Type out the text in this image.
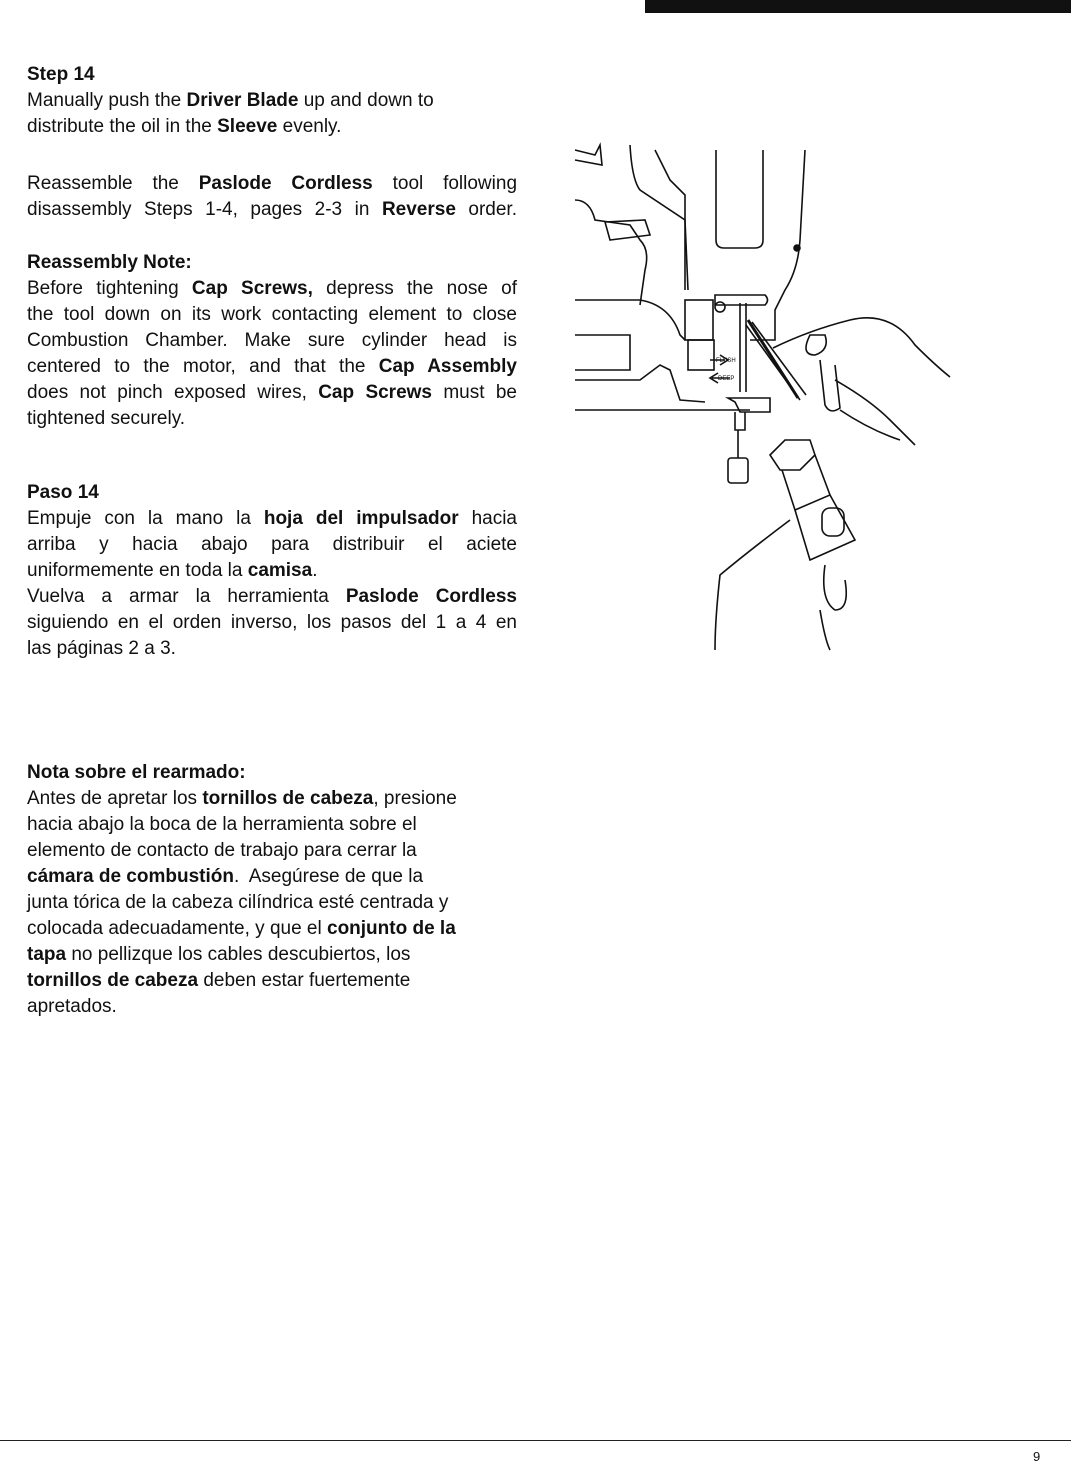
Step 14
Manually push the Driver Blade up and down to
distribute the oil in the Sleeve evenly.
Reassemble the Paslode Cordless tool following
disassembly Steps 1-4, pages 2-3 in Reverse order.
Reassembly Note:
Before tightening Cap Screws, depress the nose of
the tool down on its work contacting element to close
Combustion Chamber. Make sure cylinder head is
centered to the motor, and that the Cap Assembly
does not pinch exposed wires, Cap Screws must be
tightened securely.
Paso 14
Empuje con la mano la hoja del impulsador hacia
arriba y hacia abajo para distribuir el aciete
uniformemente en toda la camisa.
Vuelva a armar la herramienta Paslode Cordless
siguiendo en el orden inverso, los pasos del 1 a 4 en
las páginas 2 a 3.
Nota sobre el rearmado:
Antes de apretar los tornillos de cabeza, presione
hacia abajo la boca de la herramienta sobre el
elemento de contacto de trabajo para cerrar la
cámara de combustión.  Asegúrese de que la
junta tórica de la cabeza cilíndrica esté centrada y
colocada adecuadamente, y que el conjunto de la
tapa no pellizque los cables descubiertos, los
tornillos de cabeza deben estar fuertemente
apretados.
FLUSH
DEEP
9
